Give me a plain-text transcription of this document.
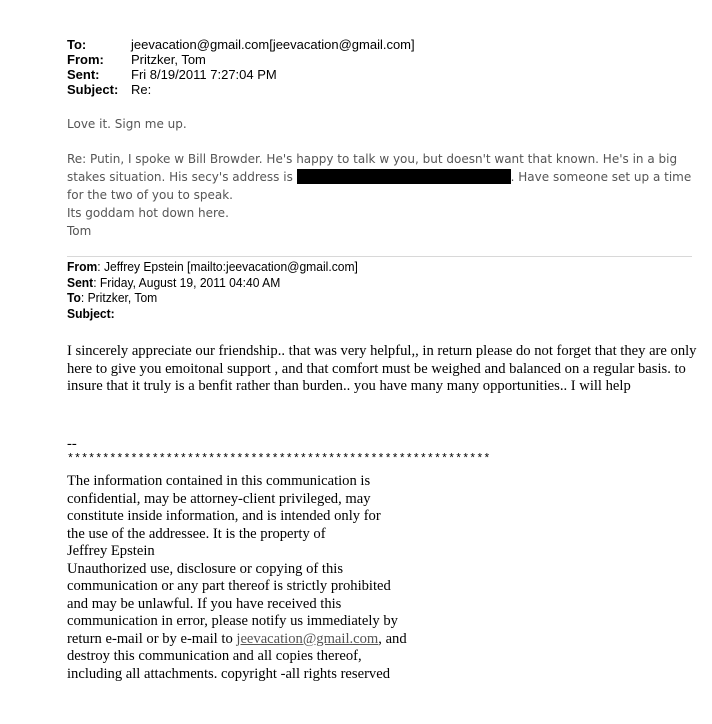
To:	jeevacation@gmail.com[jeevacation@gmail.com]
From:	Pritzker, Tom
Sent:	Fri 8/19/2011 7:27:04 PM
Subject: Re:

Love it. Sign me up.

Re: Putin, I spoke w Bill Browder. He's happy to talk w you, but doesn't want that known. He's in a big stakes situation. His secy's address is	. Have someone set up a time for the two of you to speak.

Its goddam hot down here.

Tom

From: Jeffrey Epstein [mailto:jeevacation@gmail.com]
Sent: Friday, August 19, 2011 04:40 AM
To: Pritzker, Tom
Subject:

I sincerely appreciate our friendship.. that was very helpful,, in return please do not forget that they are only here to give you emoitonal support , and that comfort must be weighed and balanced on a regular basis. to insure that it truly is a benfit rather than burden.. you have many many opportunities.. I will help

--
************************************************************
The information contained in this communication is
confidential, may be attorney-client privileged, may
constitute inside information, and is intended only for
the use of the addressee. It is the property of
Jeffrey Epstein
Unauthorized use, disclosure or copying of this
communication or any part thereof is strictly prohibited
and may be unlawful. If you have received this
communication in error, please notify us immediately by
return e-mail or by e-mail to jeevacation@gmail.com, and
destroy this communication and all copies thereof,
including all attachments. copyright -all rights reserved
